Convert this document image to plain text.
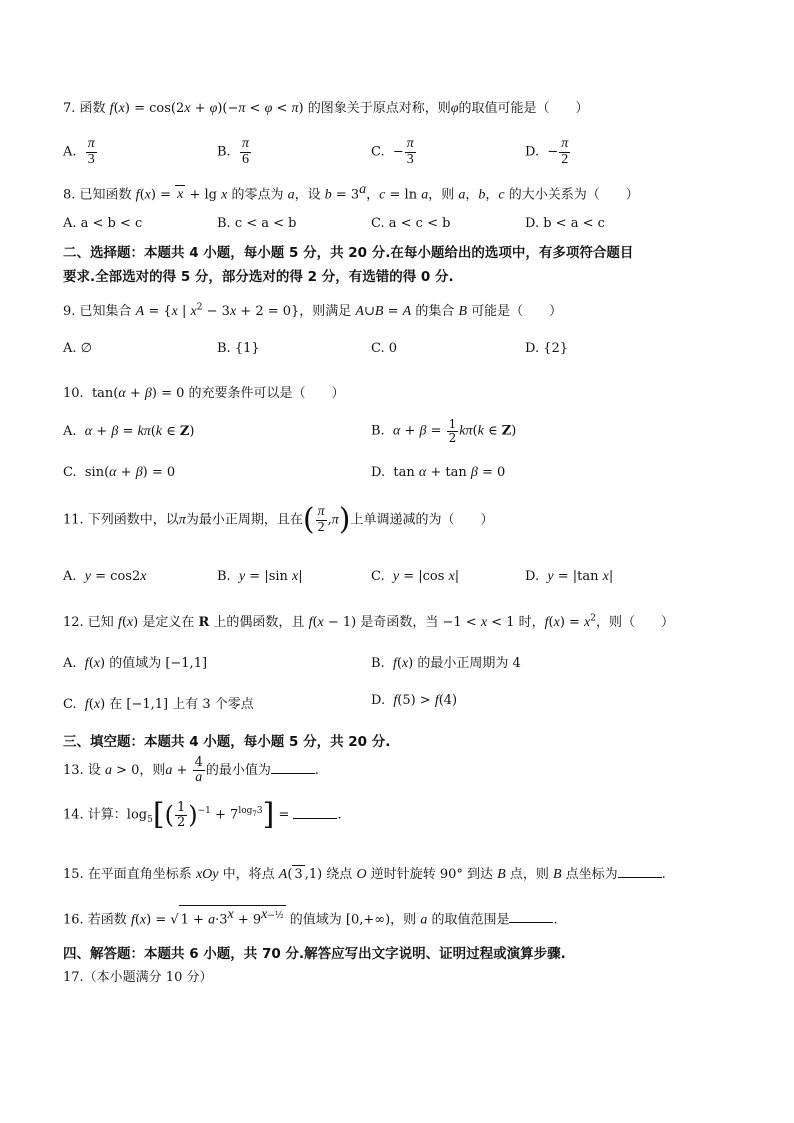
7. 函数 f(x) = cos(2x + φ)(−π < φ < π) 的图象关于原点对称，则φ的取值可能是（　　）
A. $\frac{\pi}{3}$	B. $\frac{\pi}{6}$	C.  − $\frac{\pi}{3}$	D.  − $\frac{\pi}{2}$
8. 已知函数 f(x) = x + lg x 的零点为 a，设 $b = 3^a$，c = ln a，则 a，b，c 的大小关系为（　　）
A. a < b < c	B. c < a < b	C. a < c < b	D. b < a < c
二、选择题：本题共 4 小题，每小题 5 分，共 20 分.在每小题给出的选项中，有多项符合题目
要求.全部选对的得 5 分，部分选对的得 2 分，有选错的得 0 分.
9. 已知集合 A = {x | $x^2 - 3x + 2 = 0$}，则满足 A∪B = A 的集合 B 可能是（　　）
A. ∅	B. {1}	C. 0	D. {2}
10.  tan(α + β) = 0 的充要条件可以是（　　）
A.  α + β = kπ(k ∈ Z)	B.  $\alpha + \beta = \frac{1}{2} k\pi(k$ ∈ Z)
C.  sin(α + β) = 0	D.  tan α + tan β = 0
11. 下列函数中，以π为最小正周期，且在( $\frac{\pi}{2} ,\pi$)上单调递减的为（　　）
A.  y = cos2x	B.  y = |sin x|	C.  y = |cos x|	D.  y = |tan x|
12. 已知 f(x) 是定义在 R 上的偶函数，且 f(x − 1) 是奇函数，当 −1 < x < 1 时，$f(x) = x^2$，则（　　）
A.  f(x) 的值域为 [−1,1]	B.  f(x) 的最小正周期为 4
C.  f(x) 在 [−1,1] 上有 3 个零点	D.  f(5) > f(4)
三、填空题：本题共 4 小题，每小题 5 分，共 20 分.
13. 设 a > 0，则$a + \frac{4}{a}$ 的最小值为	.
14. 计算：$\log_5[( \frac{1}{2} )^{-1} + 7^{log_73}]$ =	.
15. 在平面直角坐标系 xOy 中，将点 A( 3 ,1) 绕点 O 逆时针旋转 90° 到达 B 点，则 B 点坐标为	.
16. 若函数 f(x) = √ $1 + a\cdot 3^x + 9^{x-\frac{1}{2}}$ 的值域为 [0,+∞)，则 a 的取值范围是	.
四、解答题：本题共 6 小题，共 70 分.解答应写出文字说明、证明过程或演算步骤.
17.（本小题满分 10 分）
